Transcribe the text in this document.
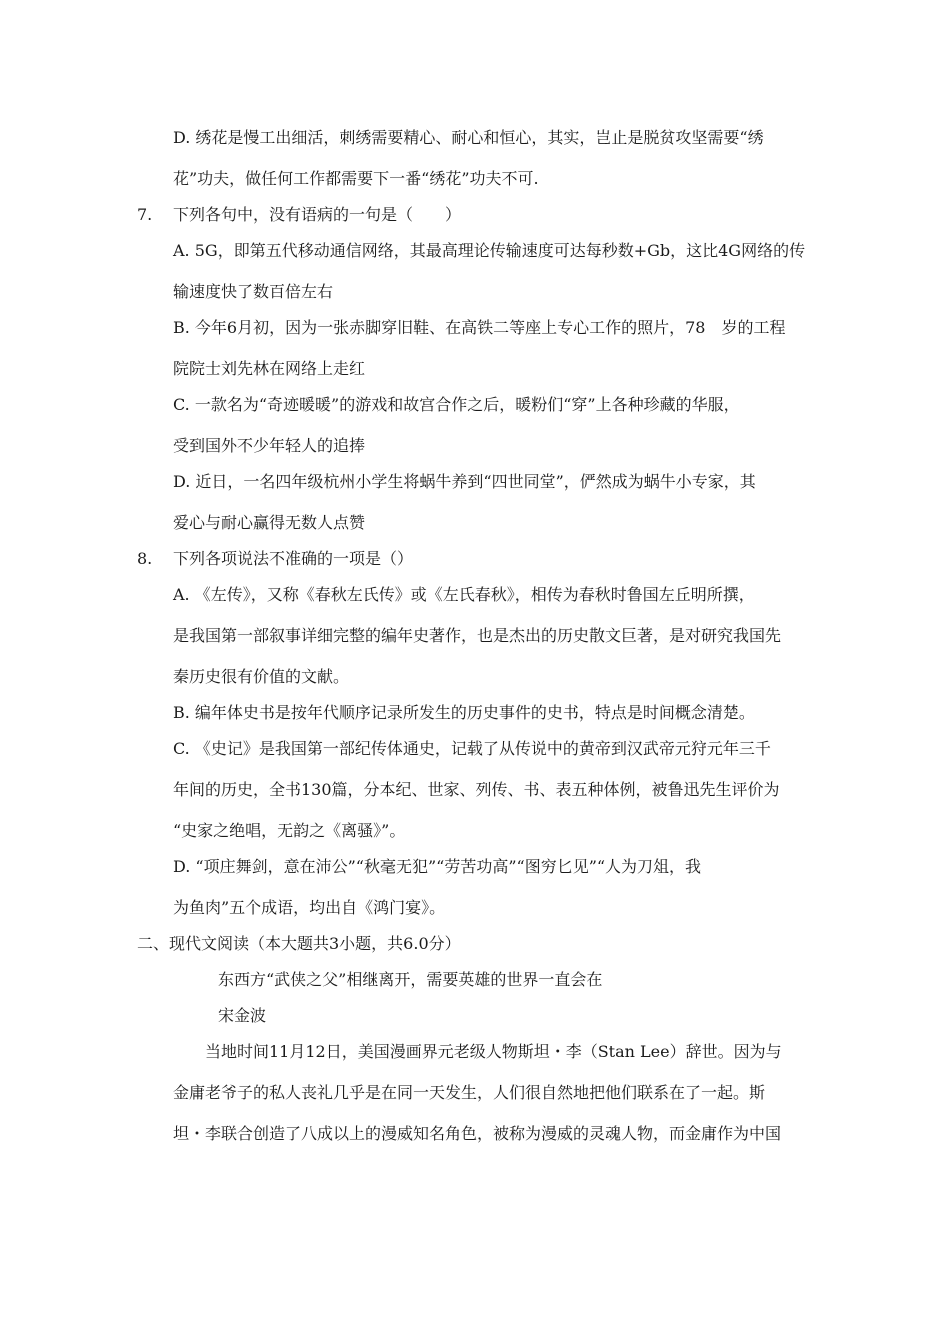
D. 绣花是慢工出细活，刺绣需要精心、耐心和恒心，其实，岂止是脱贫攻坚需要“绣
花”功夫，做任何工作都需要下一番“绣花”功夫不可.
7. 下列各句中，没有语病的一句是（　　）
A. 5G，即第五代移动通信网络，其最高理论传输速度可达每秒数+Gb，这比4G网络的传
输速度快了数百倍左右
B. 今年6月初，因为一张赤脚穿旧鞋、在高铁二等座上专心工作的照片，78　岁的工程
院院士刘先林在网络上走红
C. 一款名为“奇迹暖暖”的游戏和故宫合作之后，暖粉们“穿”上各种珍藏的华服，
受到国外不少年轻人的追捧
D. 近日，一名四年级杭州小学生将蜗牛养到“四世同堂”，俨然成为蜗牛小专家，其
爱心与耐心赢得无数人点赞
8. 下列各项说法不准确的一项是（）
A. 《左传》，又称《春秋左氏传》或《左氏春秋》，相传为春秋时鲁国左丘明所撰，
是我国第一部叙事详细完整的编年史著作，也是杰出的历史散文巨著，是对研究我国先
秦历史很有价值的文献。
B. 编年体史书是按年代顺序记录所发生的历史事件的史书，特点是时间概念清楚。
C. 《史记》是我国第一部纪传体通史，记载了从传说中的黄帝到汉武帝元狩元年三千
年间的历史，全书130篇，分本纪、世家、列传、书、表五种体例，被鲁迅先生评价为
“史家之绝唱，无韵之《离骚》”。
D. “项庄舞剑，意在沛公”“秋毫无犯”“劳苦功高”“图穷匕见”“人为刀俎，我
为鱼肉”五个成语，均出自《鸿门宴》。
二、现代文阅读（本大题共3小题，共6.0分）
东西方“武侠之父”相继离开，需要英雄的世界一直会在
宋金波
当地时间11月12日，美国漫画界元老级人物斯坦・李（Stan Lee）辞世。因为与
金庸老爷子的私人丧礼几乎是在同一天发生，人们很自然地把他们联系在了一起。斯
坦・李联合创造了八成以上的漫威知名角色，被称为漫威的灵魂人物，而金庸作为中国
